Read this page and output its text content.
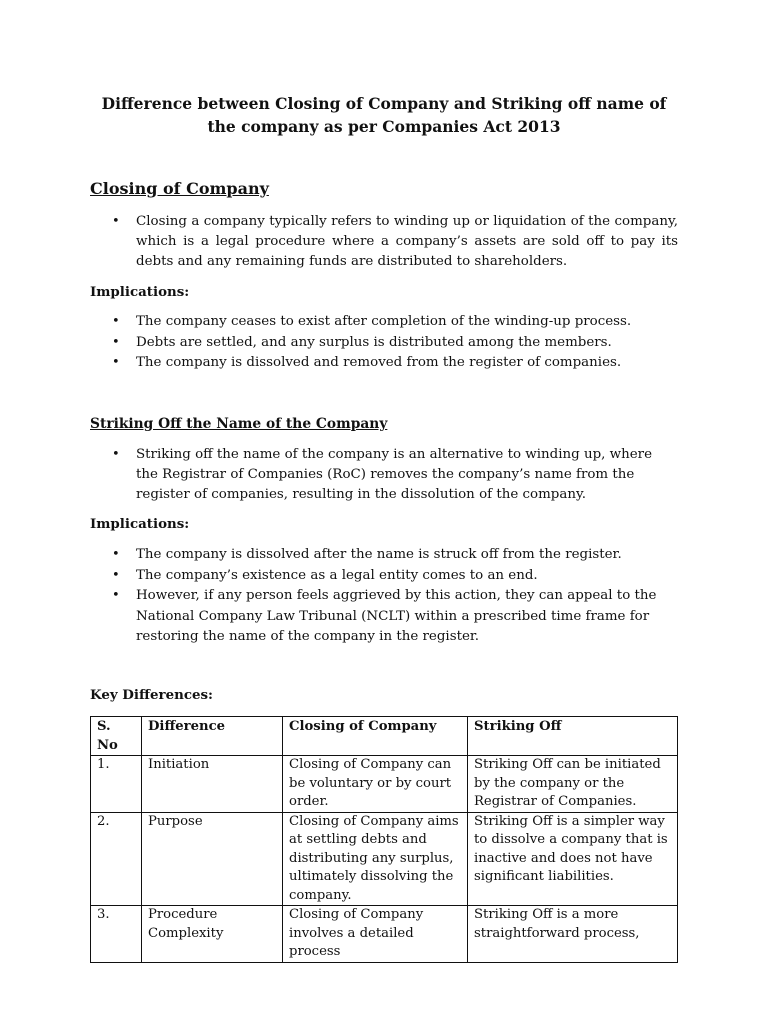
Difference between Closing of Company and Striking off name of the company as per Companies Act 2013
Closing of Company
• Closing a company typically refers to winding up or liquidation of the company, which is a legal procedure where a company’s assets are sold off to pay its debts and any remaining funds are distributed to shareholders.
Implications:
• The company ceases to exist after completion of the winding-up process.
• Debts are settled, and any surplus is distributed among the members.
• The company is dissolved and removed from the register of companies.
Striking Off the Name of the Company
• Striking off the name of the company is an alternative to winding up, where the Registrar of Companies (RoC) removes the company’s name from the register of companies, resulting in the dissolution of the company.
Implications:
• The company is dissolved after the name is struck off from the register.
• The company’s existence as a legal entity comes to an end.
• However, if any person feels aggrieved by this action, they can appeal to the National Company Law Tribunal (NCLT) within a prescribed time frame for restoring the name of the company in the register.
Key Differences:
S. No	Difference	Closing of Company	Striking Off
1.	Initiation	Closing of Company can be voluntary or by court order.	Striking Off can be initiated by the company or the Registrar of Companies.
2.	Purpose	Closing of Company aims at settling debts and distributing any surplus, ultimately dissolving the company.	Striking Off is a simpler way to dissolve a company that is inactive and does not have significant liabilities.
3.	Procedure Complexity	Closing of Company involves a detailed process	Striking Off is a more straightforward process,
